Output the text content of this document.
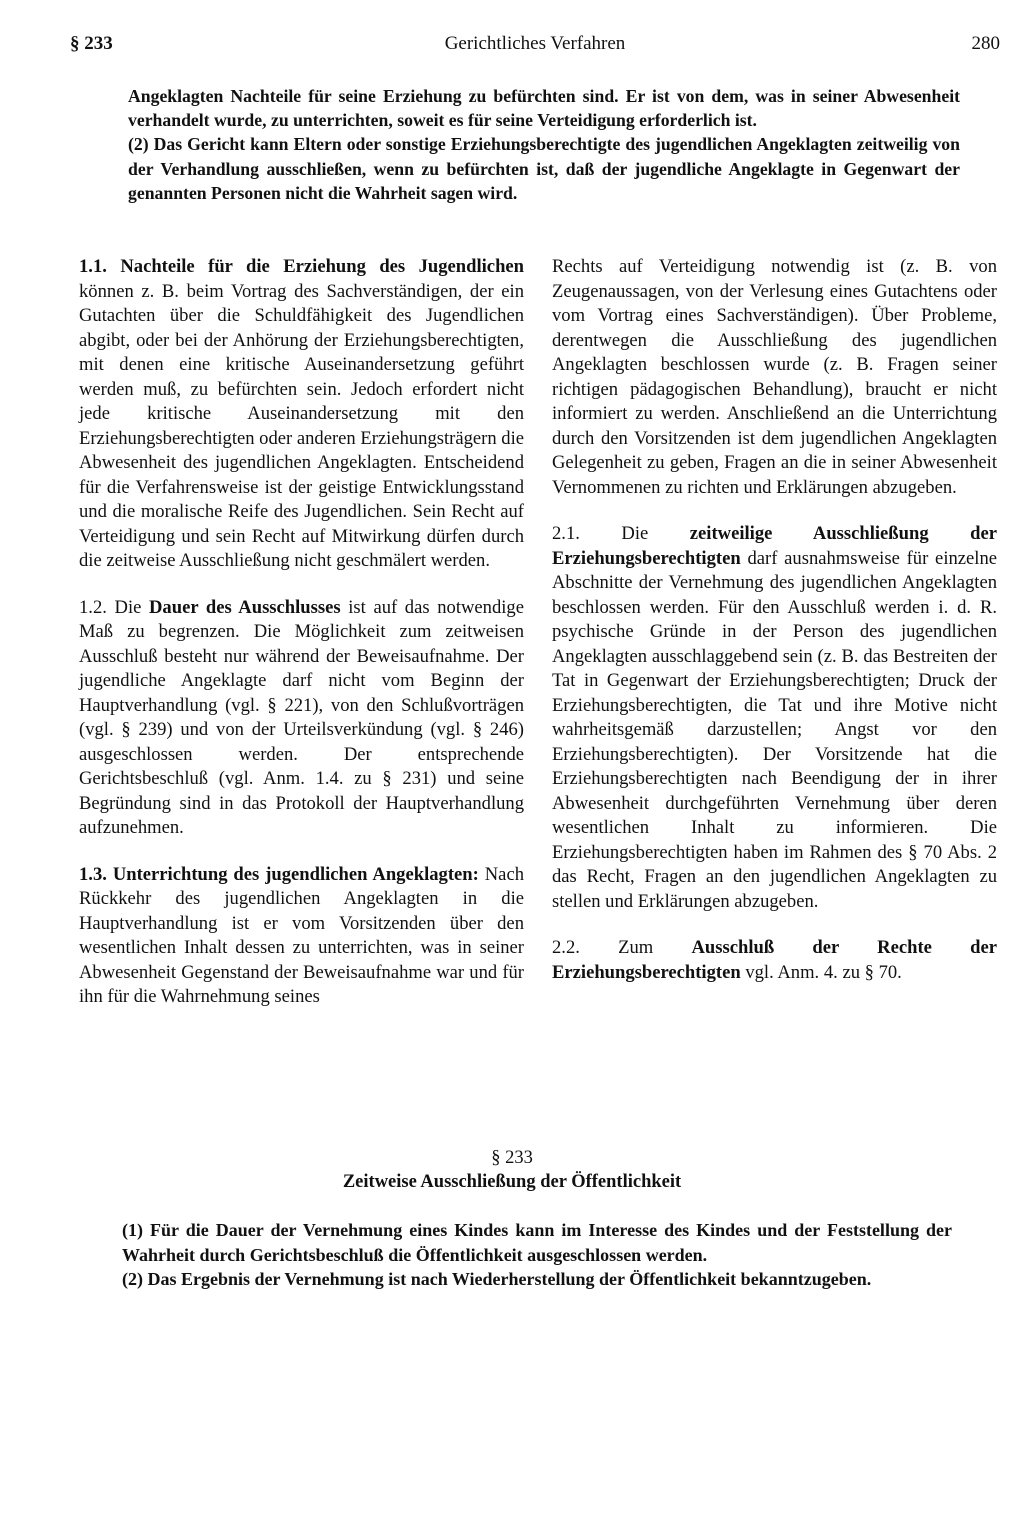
§ 233	Gerichtliches Verfahren	280

Angeklagten Nachteile für seine Erziehung zu befürchten sind. Er ist von dem, was in seiner Abwesenheit verhandelt wurde, zu unterrichten, soweit es für seine Verteidigung erforderlich ist.

(2) Das Gericht kann Eltern oder sonstige Erziehungsberechtigte des jugendlichen Angeklagten zeitweilig von der Verhandlung ausschließen, wenn zu befürchten ist, daß der jugendliche Angeklagte in Gegenwart der genannten Personen nicht die Wahrheit sagen wird.

1.1. Nachteile für die Erziehung des Jugendlichen können z. B. beim Vortrag des Sachverständigen, der ein Gutachten über die Schuldfähigkeit des Jugendlichen abgibt, oder bei der Anhörung der Erziehungsberechtigten, mit denen eine kritische Auseinandersetzung geführt werden muß, zu befürchten sein. Jedoch erfordert nicht jede kritische Auseinandersetzung mit den Erziehungsberechtigten oder anderen Erziehungsträgern die Abwesenheit des jugendlichen Angeklagten. Entscheidend für die Verfahrensweise ist der geistige Entwicklungsstand und die moralische Reife des Jugendlichen. Sein Recht auf Verteidigung und sein Recht auf Mitwirkung dürfen durch die zeitweise Ausschließung nicht geschmälert werden.

1.2. Die Dauer des Ausschlusses ist auf das notwendige Maß zu begrenzen. Die Möglichkeit zum zeitweisen Ausschluß besteht nur während der Beweisaufnahme. Der jugendliche Angeklagte darf nicht vom Beginn der Hauptverhandlung (vgl. § 221), von den Schlußvorträgen (vgl. § 239) und von der Urteilsverkündung (vgl. § 246) ausgeschlossen werden. Der entsprechende Gerichtsbeschluß (vgl. Anm. 1.4. zu § 231) und seine Begründung sind in das Protokoll der Hauptverhandlung aufzunehmen.

1.3. Unterrichtung des jugendlichen Angeklagten: Nach Rückkehr des jugendlichen Angeklagten in die Hauptverhandlung ist er vom Vorsitzenden über den wesentlichen Inhalt dessen zu unterrichten, was in seiner Abwesenheit Gegenstand der Beweisaufnahme war und für ihn für die Wahrnehmung seines

Rechts auf Verteidigung notwendig ist (z. B. von Zeugenaussagen, von der Verlesung eines Gutachtens oder vom Vortrag eines Sachverständigen). Über Probleme, derentwegen die Ausschließung des jugendlichen Angeklagten beschlossen wurde (z. B. Fragen seiner richtigen pädagogischen Behandlung), braucht er nicht informiert zu werden. Anschließend an die Unterrichtung durch den Vorsitzenden ist dem jugendlichen Angeklagten Gelegenheit zu geben, Fragen an die in seiner Abwesenheit Vernommenen zu richten und Erklärungen abzugeben.

2.1. Die zeitweilige Ausschließung der Erziehungsberechtigten darf ausnahmsweise für einzelne Abschnitte der Vernehmung des jugendlichen Angeklagten beschlossen werden. Für den Ausschluß werden i. d. R. psychische Gründe in der Person des jugendlichen Angeklagten ausschlaggebend sein (z. B. das Bestreiten der Tat in Gegenwart der Erziehungsberechtigten; Druck der Erziehungsberechtigten, die Tat und ihre Motive nicht wahrheitsgemäß darzustellen; Angst vor den Erziehungsberechtigten). Der Vorsitzende hat die Erziehungsberechtigten nach Beendigung der in ihrer Abwesenheit durchgeführten Vernehmung über deren wesentlichen Inhalt zu informieren. Die Erziehungsberechtigten haben im Rahmen des § 70 Abs. 2 das Recht, Fragen an den jugendlichen Angeklagten zu stellen und Erklärungen abzugeben.

2.2. Zum Ausschluß der Rechte der Erziehungsberechtigten vgl. Anm. 4. zu § 70.

§ 233
Zeitweise Ausschließung der Öffentlichkeit

(1) Für die Dauer der Vernehmung eines Kindes kann im Interesse des Kindes und der Feststellung der Wahrheit durch Gerichtsbeschluß die Öffentlichkeit ausgeschlossen werden.

(2) Das Ergebnis der Vernehmung ist nach Wiederherstellung der Öffentlichkeit bekanntzugeben.
